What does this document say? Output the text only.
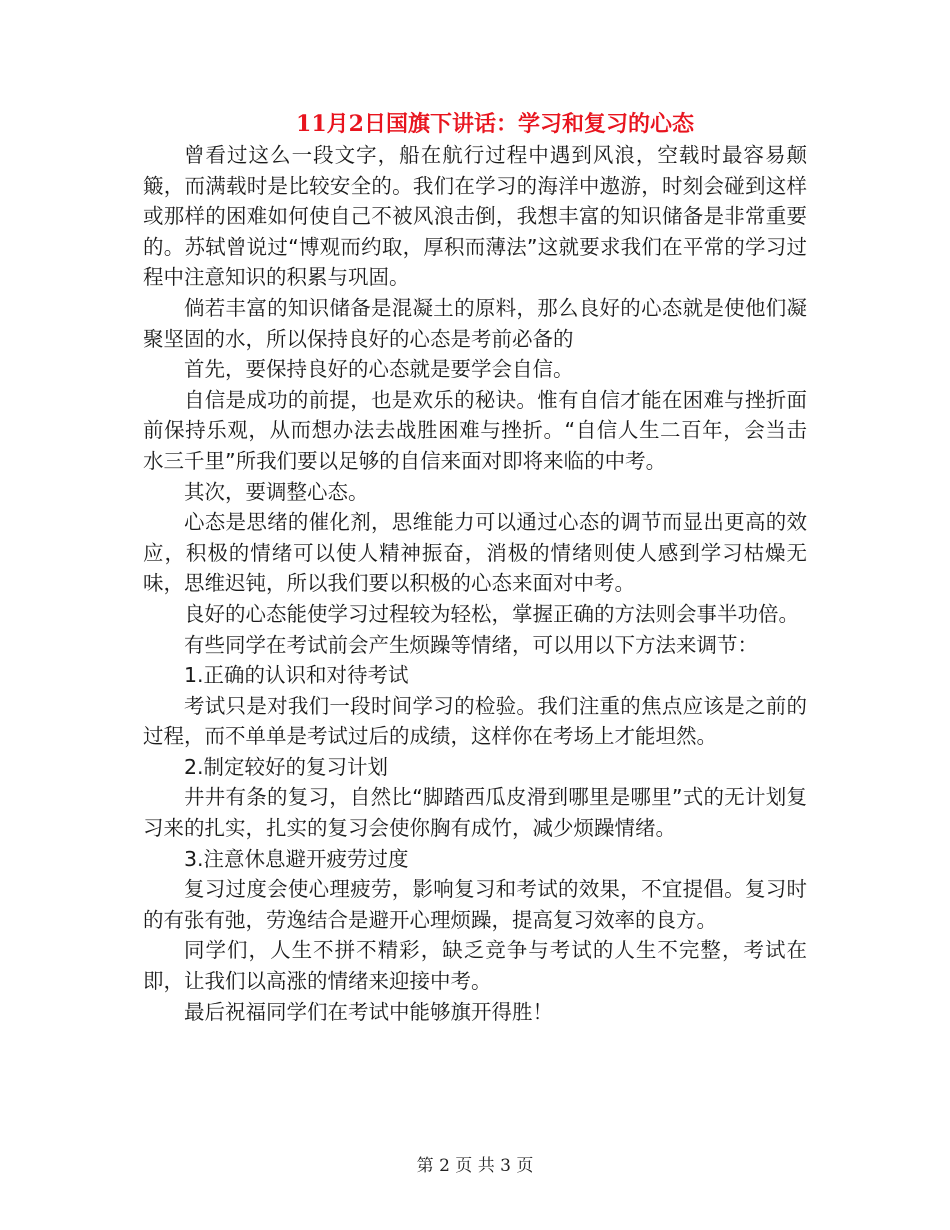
11月2日国旗下讲话：学习和复习的心态

曾看过这么一段文字，船在航行过程中遇到风浪，空载时最容易颠簸，而满载时是比较安全的。我们在学习的海洋中遨游，时刻会碰到这样或那样的困难如何使自己不被风浪击倒，我想丰富的知识储备是非常重要的。苏轼曾说过“博观而约取，厚积而薄法”这就要求我们在平常的学习过程中注意知识的积累与巩固。

倘若丰富的知识储备是混凝土的原料，那么良好的心态就是使他们凝聚坚固的水，所以保持良好的心态是考前必备的

首先，要保持良好的心态就是要学会自信。

自信是成功的前提，也是欢乐的秘诀。惟有自信才能在困难与挫折面前保持乐观，从而想办法去战胜困难与挫折。“自信人生二百年，会当击水三千里”所我们要以足够的自信来面对即将来临的中考。

其次，要调整心态。

心态是思绪的催化剂，思维能力可以通过心态的调节而显出更高的效应，积极的情绪可以使人精神振奋，消极的情绪则使人感到学习枯燥无味，思维迟钝，所以我们要以积极的心态来面对中考。

良好的心态能使学习过程较为轻松，掌握正确的方法则会事半功倍。

有些同学在考试前会产生烦躁等情绪，可以用以下方法来调节：

1.正确的认识和对待考试

考试只是对我们一段时间学习的检验。我们注重的焦点应该是之前的过程，而不单单是考试过后的成绩，这样你在考场上才能坦然。

2.制定较好的复习计划

井井有条的复习，自然比“脚踏西瓜皮滑到哪里是哪里”式的无计划复习来的扎实，扎实的复习会使你胸有成竹，减少烦躁情绪。

3.注意休息避开疲劳过度

复习过度会使心理疲劳，影响复习和考试的效果，不宜提倡。复习时的有张有弛，劳逸结合是避开心理烦躁，提高复习效率的良方。

同学们，人生不拼不精彩，缺乏竞争与考试的人生不完整，考试在即，让我们以高涨的情绪来迎接中考。

最后祝福同学们在考试中能够旗开得胜！

第 2 页 共 3 页
